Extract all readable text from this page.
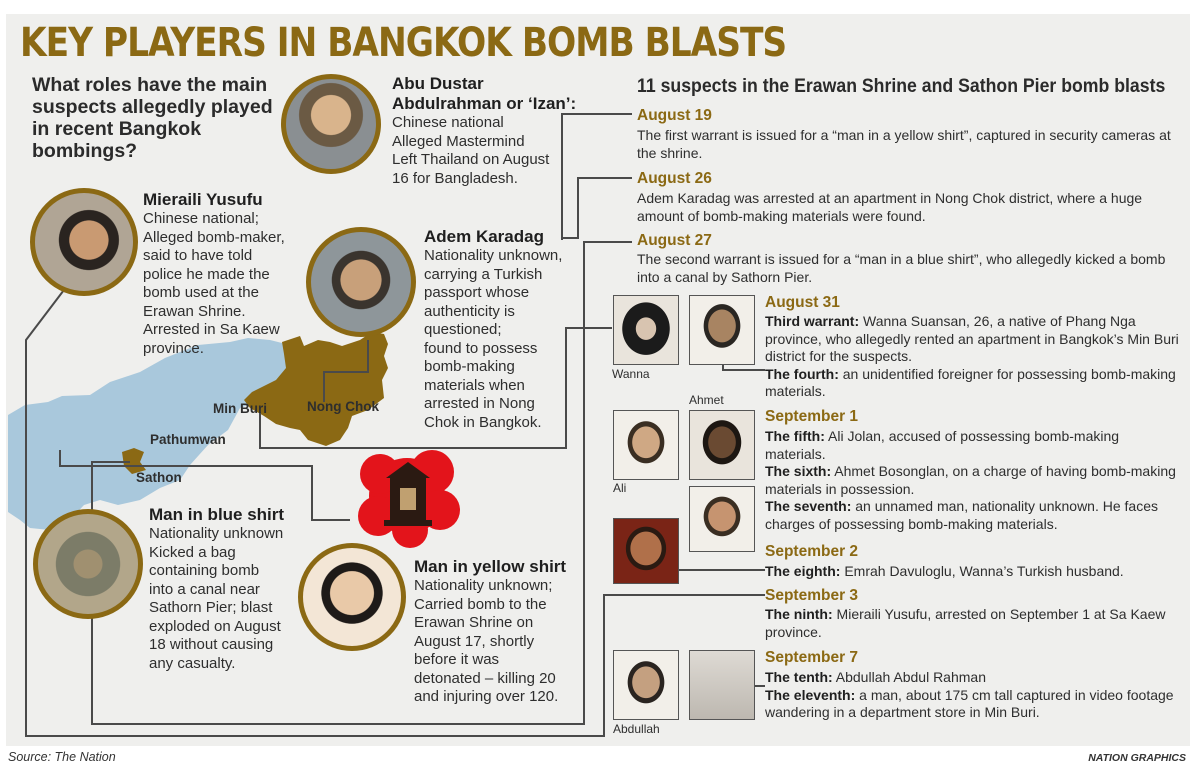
KEY PLAYERS IN BANGKOK BOMB BLASTS
What roles have the main suspects allegedly played in recent Bangkok bombings?
11 suspects in the Erawan Shrine and Sathon Pier bomb blasts
Abu Dustar Abdulrahman or ‘Izan’:
Chinese national
Alleged Mastermind
Left Thailand on August
16 for Bangladesh.
Mieraili Yusufu
Chinese national;
Alleged bomb-maker,
said to have told
police he made the
bomb used at the
Erawan Shrine.
Arrested in Sa Kaew
province.
Adem Karadag
Nationality unknown,
carrying a Turkish
passport whose
authenticity is
questioned;
found to possess
bomb-making
materials when
arrested in Nong
Chok in Bangkok.
Man in blue shirt
Nationality unknown
Kicked a bag
containing bomb
into a canal near
Sathorn Pier; blast
exploded on August
18 without causing
any casualty.
Man in yellow shirt
Nationality unknown;
Carried bomb to the
Erawan Shrine on
August 17, shortly
before it was
detonated – killing 20
and injuring over 120.
Min Buri	Nong Chok
Pathumwan
Sathon
August 19
The first warrant is issued for a “man in a yellow shirt”, captured in security cameras at the shrine.
August 26
Adem Karadag was arrested at an apartment in Nong Chok district, where a huge amount of bomb-making materials were found.
August 27
The second warrant is issued for a “man in a blue shirt”, who allegedly kicked a bomb into a canal by Sathorn Pier.
August 31
Third warrant: Wanna Suansan, 26, a native of Phang Nga province, who allegedly rented an apartment in Bangkok’s Min Buri district for the suspects.
The fourth: an unidentified foreigner for possessing bomb-making materials.
September 1
The fifth: Ali Jolan, accused of possessing bomb-making materials.
The sixth: Ahmet Bosonglan, on a charge of having bomb-making materials in possession.
The seventh: an unnamed man, nationality unknown. He faces charges of possessing bomb-making materials.
September 2
The eighth: Emrah Davuloglu, Wanna’s Turkish husband.
September 3
The ninth: Mieraili Yusufu, arrested on September 1 at Sa Kaew province.
September 7
The tenth: Abdullah Abdul Rahman
The eleventh: a man, about 175 cm tall captured in video footage wandering in a department store in Min Buri.
Wanna
Ahmet
Ali
Abdullah
Source: The Nation	NATION GRAPHICS
